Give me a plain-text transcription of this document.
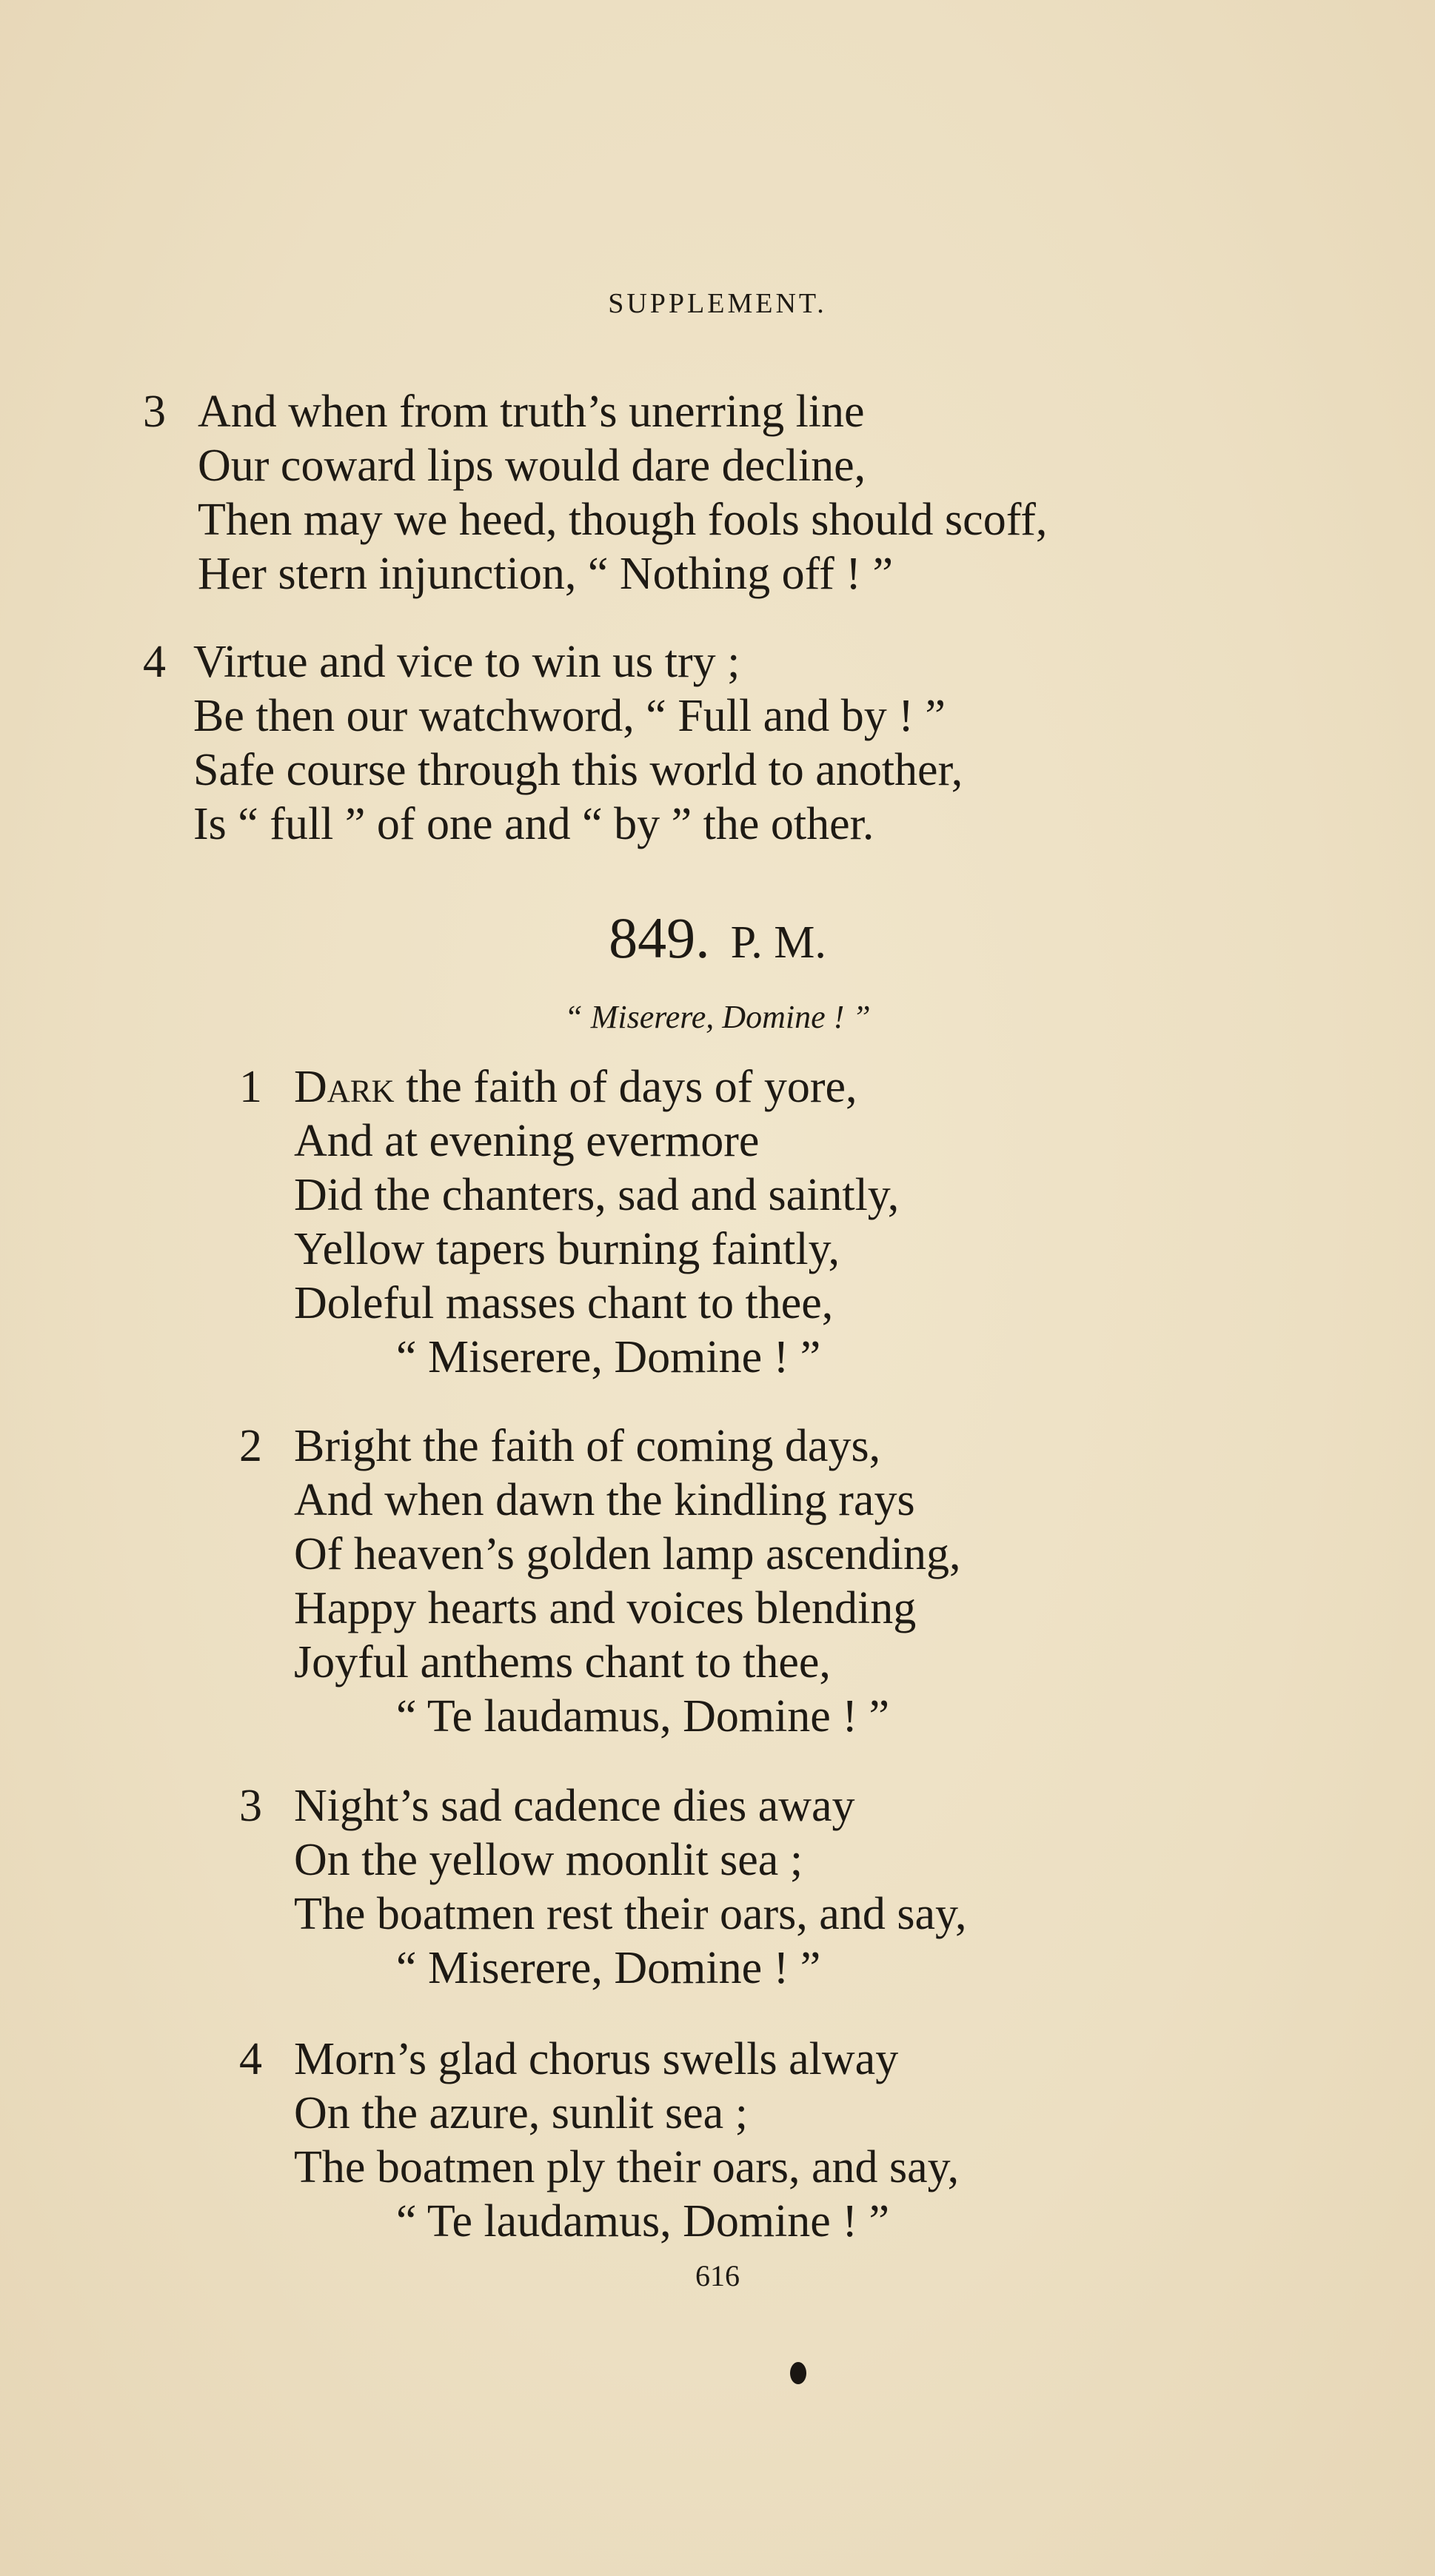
SUPPLEMENT.
3 And when from truth’s unerring line
Our coward lips would dare decline,
Then may we heed, though fools should scoff,
Her stern injunction, “ Nothing off ! ”
4 Virtue and vice to win us try ;
Be then our watchword, “ Full and by ! ”
Safe course through this world to another,
Is “ full ” of one and “ by ” the other.
849. P. M.
“ Miserere, Domine ! ”
1 Dark the faith of days of yore,
And at evening evermore
Did the chanters, sad and saintly,
Yellow tapers burning faintly,
Doleful masses chant to thee,
“ Miserere, Domine ! ”
2 Bright the faith of coming days,
And when dawn the kindling rays
Of heaven’s golden lamp ascending,
Happy hearts and voices blending
Joyful anthems chant to thee,
“ Te laudamus, Domine ! ”
3 Night’s sad cadence dies away
On the yellow moonlit sea ;
The boatmen rest their oars, and say,
“ Miserere, Domine ! ”
4 Morn’s glad chorus swells alway
On the azure, sunlit sea ;
The boatmen ply their oars, and say,
“ Te laudamus, Domine ! ”
616
